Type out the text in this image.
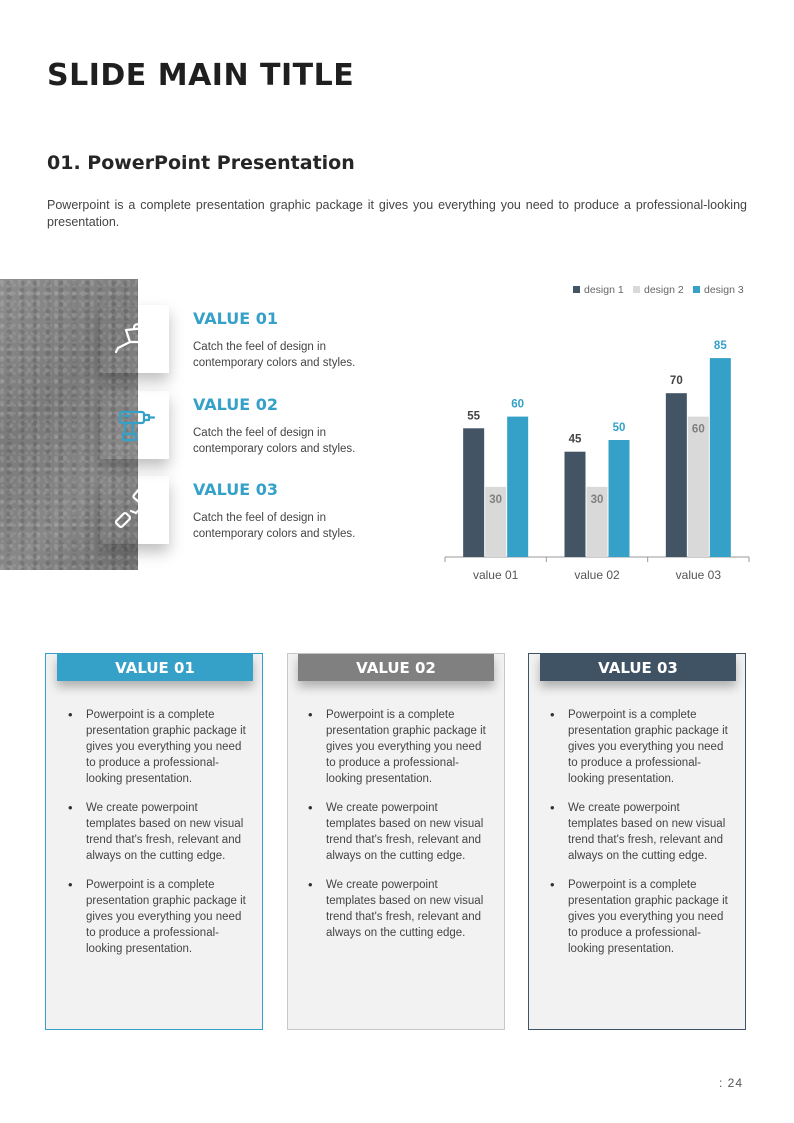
SLIDE MAIN TITLE
01. PowerPoint Presentation

Powerpoint is a complete presentation graphic package it gives you everything you need to produce a professional-looking presentation.

VALUE 01

Catch the feel of design in contemporary colors and styles.

VALUE 02

Catch the feel of design in contemporary colors and styles.

VALUE 03

Catch the feel of design in contemporary colors and styles.

design 1 design 2 design 3
55
30
60
value 01
45
30
50
value 02
70
60
85
value 03
VALUE 01	VALUE 02	VALUE 03
• Powerpoint is a complete presentation graphic package it gives you everything you need to produce a professional-looking presentation.
• We create powerpoint templates based on new visual trend that's fresh, relevant and always on the cutting edge.
• Powerpoint is a complete presentation graphic package it gives you everything you need to produce a professional-looking presentation.
• Powerpoint is a complete presentation graphic package it gives you everything you need to produce a professional-looking presentation.
• We create powerpoint templates based on new visual trend that's fresh, relevant and always on the cutting edge.
• We create powerpoint templates based on new visual trend that's fresh, relevant and always on the cutting edge.
• Powerpoint is a complete presentation graphic package it gives you everything you need to produce a professional-looking presentation.
• We create powerpoint templates based on new visual trend that's fresh, relevant and always on the cutting edge.
• Powerpoint is a complete presentation graphic package it gives you everything you need to produce a professional-looking presentation.
: 24
